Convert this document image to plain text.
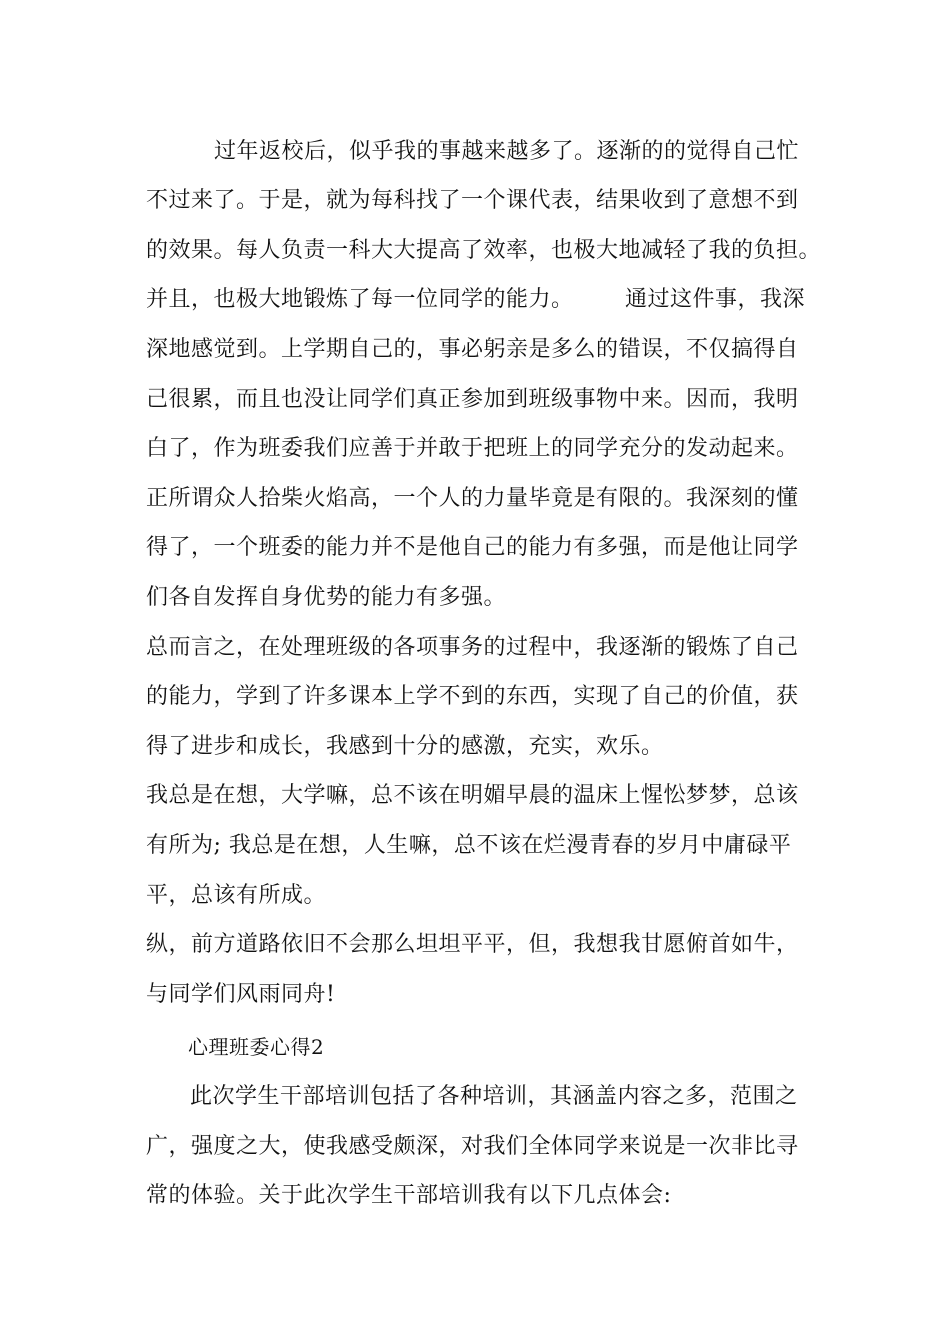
过年返校后，似乎我的事越来越多了。逐渐的的觉得自己忙
不过来了。于是，就为每科找了一个课代表，结果收到了意想不到
的效果。每人负责一科大大提高了效率，也极大地减轻了我的负担。
并且，也极大地锻炼了每一位同学的能力。 通过这件事，我深
深地感觉到。上学期自己的，事必躬亲是多么的错误，不仅搞得自
己很累，而且也没让同学们真正参加到班级事物中来。因而，我明
白了，作为班委我们应善于并敢于把班上的同学充分的发动起来。
正所谓众人拾柴火焰高，一个人的力量毕竟是有限的。我深刻的懂
得了，一个班委的能力并不是他自己的能力有多强，而是他让同学
们各自发挥自身优势的能力有多强。
总而言之，在处理班级的各项事务的过程中，我逐渐的锻炼了自己
的能力，学到了许多课本上学不到的东西，实现了自己的价值，获
得了进步和成长，我感到十分的感激，充实，欢乐。
我总是在想，大学嘛，总不该在明媚早晨的温床上惺忪梦梦，总该
有所为; 我总是在想，人生嘛，总不该在烂漫青春的岁月中庸碌平
平，总该有所成。
纵，前方道路依旧不会那么坦坦平平，但，我想我甘愿俯首如牛，
与同学们风雨同舟!
心理班委心得2
此次学生干部培训包括了各种培训，其涵盖内容之多，范围之
广，强度之大，使我感受颇深，对我们全体同学来说是一次非比寻
常的体验。关于此次学生干部培训我有以下几点体会:
